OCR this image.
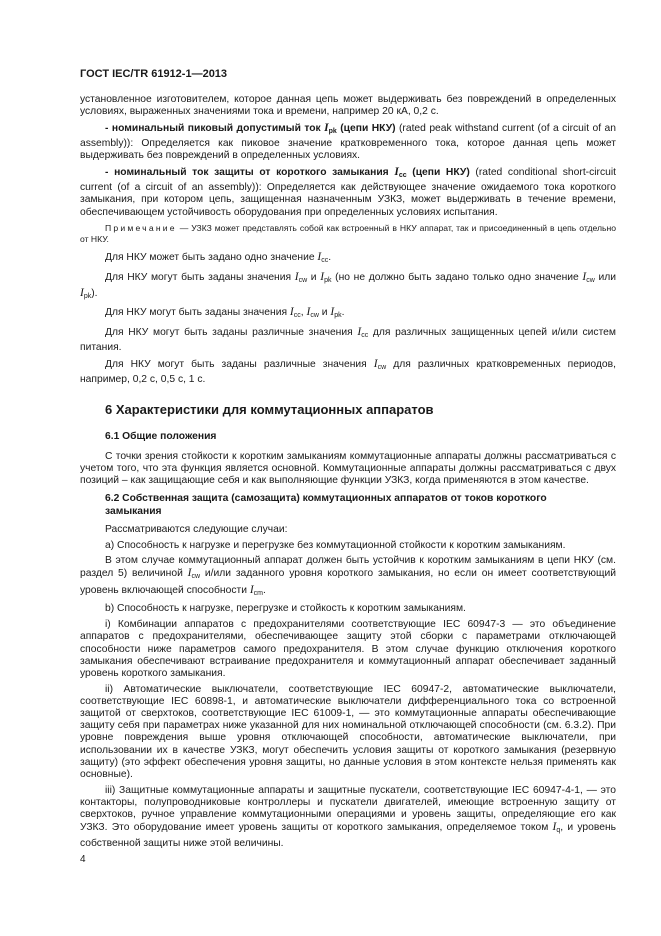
ГОСТ IEC/TR 61912-1—2013

установленное изготовителем, которое данная цепь может выдерживать без повреждений в определенных условиях, выраженных значениями тока и времени, например 20 кА, 0,2 с.

- номинальный пиковый допустимый ток $I_{pk}$ (цепи НКУ) (rated peak withstand current (of a circuit of an assembly)): Определяется как пиковое значение кратковременного тока, которое данная цепь может выдерживать без повреждений в определенных условиях.

- номинальный ток защиты от короткого замыкания $I_{cc}$ (цепи НКУ) (rated conditional short-circuit current (of a circuit of an assembly)): Определяется как действующее значение ожидаемого тока короткого замыкания, при котором цепь, защищенная назначенным УЗКЗ, может выдерживать в течение времени, обеспечивающем устойчивость оборудования при определенных условиях испытания.

Примечание — УЗКЗ может представлять собой как встроенный в НКУ аппарат, так и присоединенный в цепь отдельно от НКУ.

Для НКУ может быть задано одно значение $I_{cc}$.

Для НКУ могут быть заданы значения $I_{cw}$ и $I_{pk}$ (но не должно быть задано только одно значение $I_{cw}$ или $I_{pk}$).

Для НКУ могут быть заданы значения $I_{cc}$, $I_{cw}$ и $I_{pk}$.

Для НКУ могут быть заданы различные значения $I_{cc}$ для различных защищенных цепей и/или систем питания.

Для НКУ могут быть заданы различные значения $I_{cw}$ для различных кратковременных периодов, например, 0,2 с, 0,5 с, 1 с.

6 Характеристики для коммутационных аппаратов
6.1 Общие положения

С точки зрения стойкости к коротким замыканиям коммутационные аппараты должны рассматриваться с учетом того, что эта функция является основной. Коммутационные аппараты должны рассматриваться с двух позиций – как защищающие себя и как выполняющие функции УЗКЗ, когда применяются в этом качестве.

6.2 Собственная защита (самозащита) коммутационных аппаратов от токов короткого замыкания

Рассматриваются следующие случаи:

a) Способность к нагрузке и перегрузке без коммутационной стойкости к коротким замыканиям.

В этом случае коммутационный аппарат должен быть устойчив к коротким замыканиям в цепи НКУ (см. раздел 5) величиной $I_{cw}$ и/или заданного уровня короткого замыкания, но если он имеет соответствующий уровень включающей способности $I_{cm}$.

b) Способность к нагрузке, перегрузке и стойкость к коротким замыканиям.

i) Комбинации аппаратов с предохранителями соответствующие IEC 60947-3 — это объединение аппаратов с предохранителями, обеспечивающее защиту этой сборки с параметрами отключающей способности ниже параметров самого предохранителя. В этом случае функцию отключения короткого замыкания обеспечивают встраивание предохранителя и коммутационный аппарат обеспечивает заданный уровень короткого замыкания.

ii) Автоматические выключатели, соответствующие IEC 60947-2, автоматические выключатели, соответствующие IEC 60898-1, и автоматические выключатели дифференциального тока со встроенной защитой от сверхтоков, соответствующие IEC 61009-1, — это коммутационные аппараты обеспечивающие защиту себя при параметрах ниже указанной для них номинальной отключающей способности (см. 6.3.2). При уровне повреждения выше уровня отключающей способности, автоматические выключатели, при использовании их в качестве УЗКЗ, могут обеспечить условия защиты от короткого замыкания (резервную защиту) (это эффект обеспечения уровня защиты, но данные условия в этом контексте нельзя применять как основные).

iii) Защитные коммутационные аппараты и защитные пускатели, соответствующие IEC 60947-4-1, — это контакторы, полупроводниковые контроллеры и пускатели двигателей, имеющие встроенную защиту от сверхтоков, ручное управление коммутационными операциями и уровень защиты, определяющие его как УЗКЗ. Это оборудование имеет уровень защиты от короткого замыкания, определяемое током $I_q$, и уровень собственной защиты ниже этой величины.

4
